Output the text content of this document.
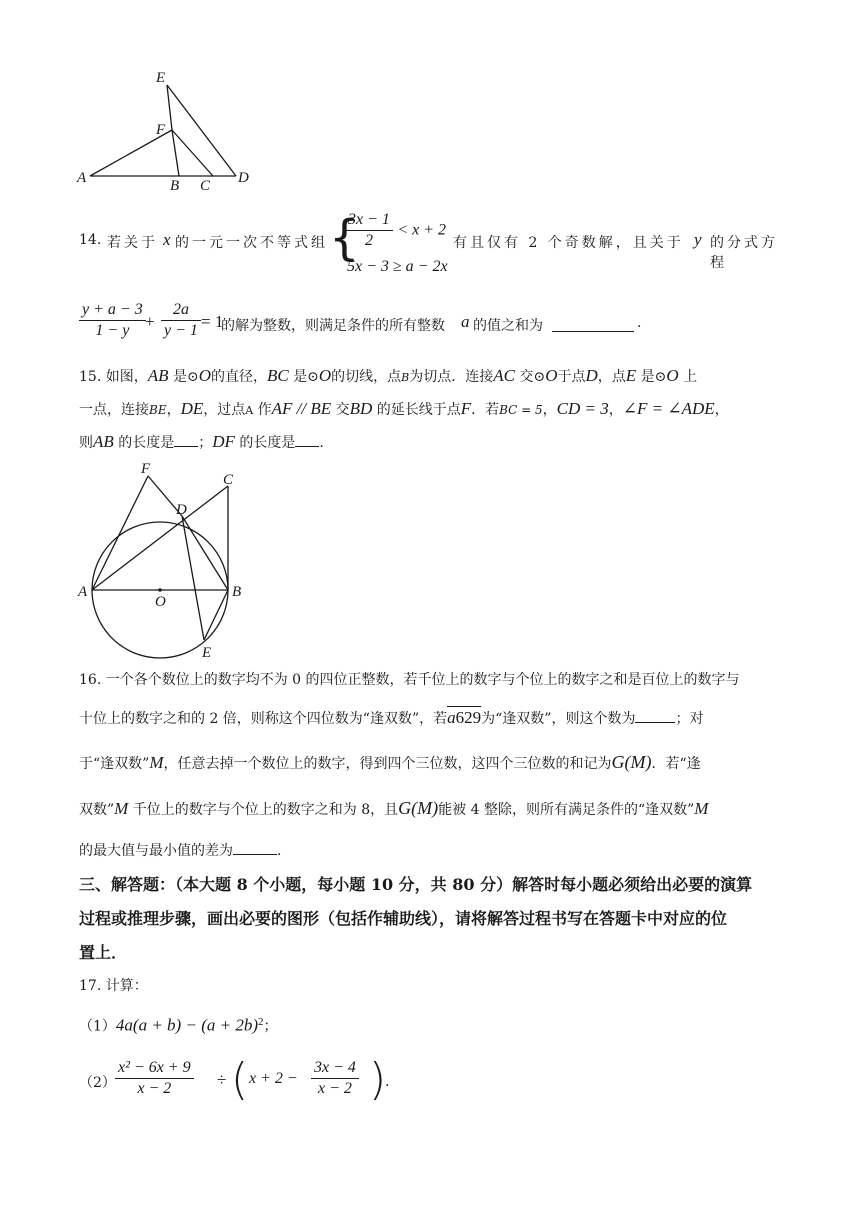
E
F
A	B C D
14. 若关于 x 的一元一次不等式组 {
$\frac{3x - 1}{2} < x + 2$
5x − 3 ≥ a − 2x
有且仅有 2 个奇数解，且关于 y 的分式方程
$\frac{y + a - 3}{1 - y} + \frac{2a}{y - 1} = 1$
的解为整数，则满足条件的所有整数 a 的值之和为	.
15. 如图，AB 是⊙O的直径，BC 是⊙O的切线，点B为切点．连接AC 交⊙O于点D，点E 是⊙O 上
一点，连接BE，DE，过点A 作AF // BE 交BD 的延长线于点F．若BC = 5，CD = 3，∠F = ∠ADE，
则AB 的长度是 ；DF 的长度是 .
F
C
D
A	B
O
E
16. 一个各个数位上的数字均不为 0 的四位正整数，若千位上的数字与个位上的数字之和是百位上的数字与
十位上的数字之和的 2 倍，则称这个四位数为“逢双数”，若a629为“逢双数”，则这个数为	；对
于“逢双数”M，任意去掉一个数位上的数字，得到四个三位数，这四个三位数的和记为G(M)．若“逢
双数”M 千位上的数字与个位上的数字之和为 8，且G(M)能被 4 整除，则所有满足条件的“逢双数”M
的最大值与最小值的差为	.
三、解答题：（本大题 8 个小题，每小题 10 分，共 80 分）解答时每小题必须给出必要的演算
过程或推理步骤，画出必要的图形（包括作辅助线），请将解答过程书写在答题卡中对应的位
置上．
17. 计算：
$(1)4a(a + b) - (a + 2b)^2$；
$(2) \frac{\text{x² − 6x + 9}}{x - 2}$ ÷ ( $x + 2 - \frac{3x - 4}{x - 2}$ )
.
